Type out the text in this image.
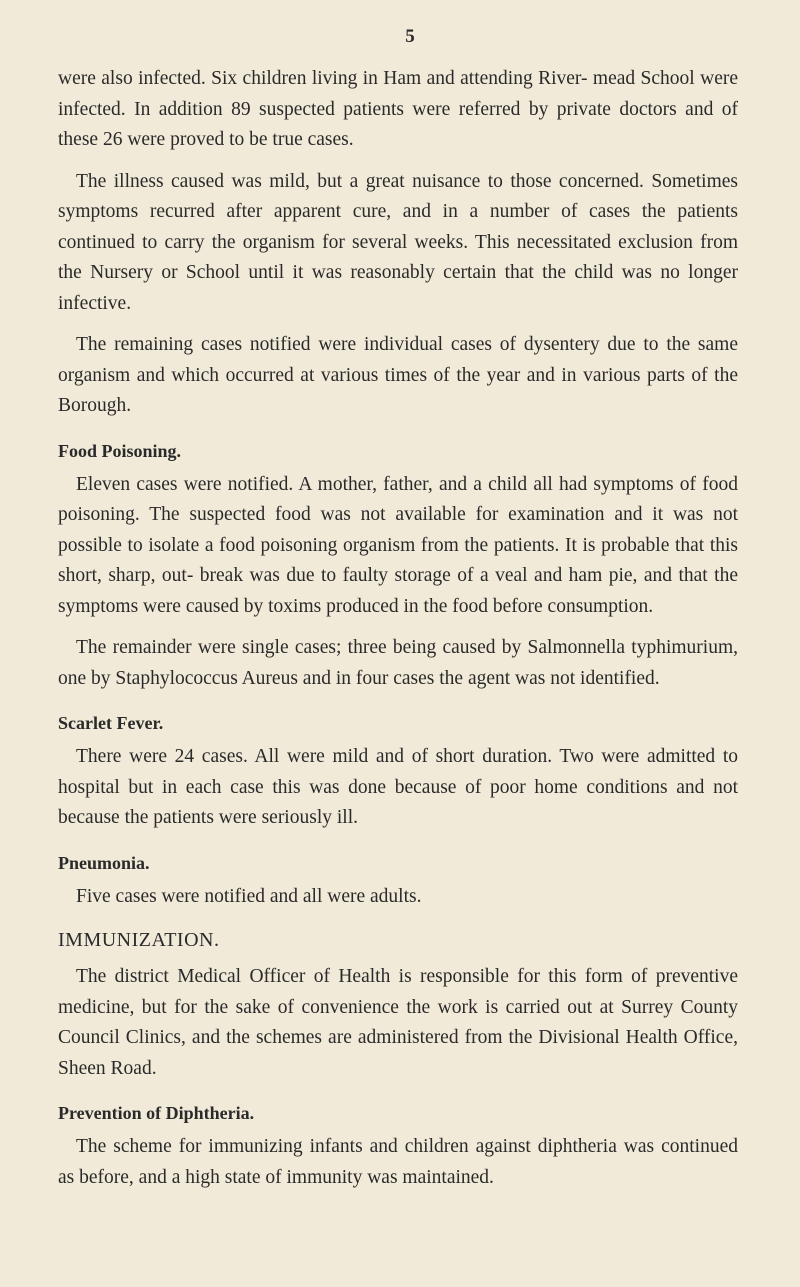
5

were also infected. Six children living in Ham and attending River- mead School were infected. In addition 89 suspected patients were referred by private doctors and of these 26 were proved to be true cases.

The illness caused was mild, but a great nuisance to those concerned. Sometimes symptoms recurred after apparent cure, and in a number of cases the patients continued to carry the organism for several weeks. This necessitated exclusion from the Nursery or School until it was reasonably certain that the child was no longer infective.

The remaining cases notified were individual cases of dysentery due to the same organism and which occurred at various times of the year and in various parts of the Borough.

Food Poisoning.

Eleven cases were notified. A mother, father, and a child all had symptoms of food poisoning. The suspected food was not available for examination and it was not possible to isolate a food poisoning organism from the patients. It is probable that this short, sharp, out- break was due to faulty storage of a veal and ham pie, and that the symptoms were caused by toxims produced in the food before consumption.

The remainder were single cases; three being caused by Salmonnella typhimurium, one by Staphylococcus Aureus and in four cases the agent was not identified.

Scarlet Fever.

There were 24 cases. All were mild and of short duration. Two were admitted to hospital but in each case this was done because of poor home conditions and not because the patients were seriously ill.

Pneumonia.

Five cases were notified and all were adults.

IMMUNIZATION.

The district Medical Officer of Health is responsible for this form of preventive medicine, but for the sake of convenience the work is carried out at Surrey County Council Clinics, and the schemes are administered from the Divisional Health Office, Sheen Road.

Prevention of Diphtheria.

The scheme for immunizing infants and children against diphtheria was continued as before, and a high state of immunity was maintained.
